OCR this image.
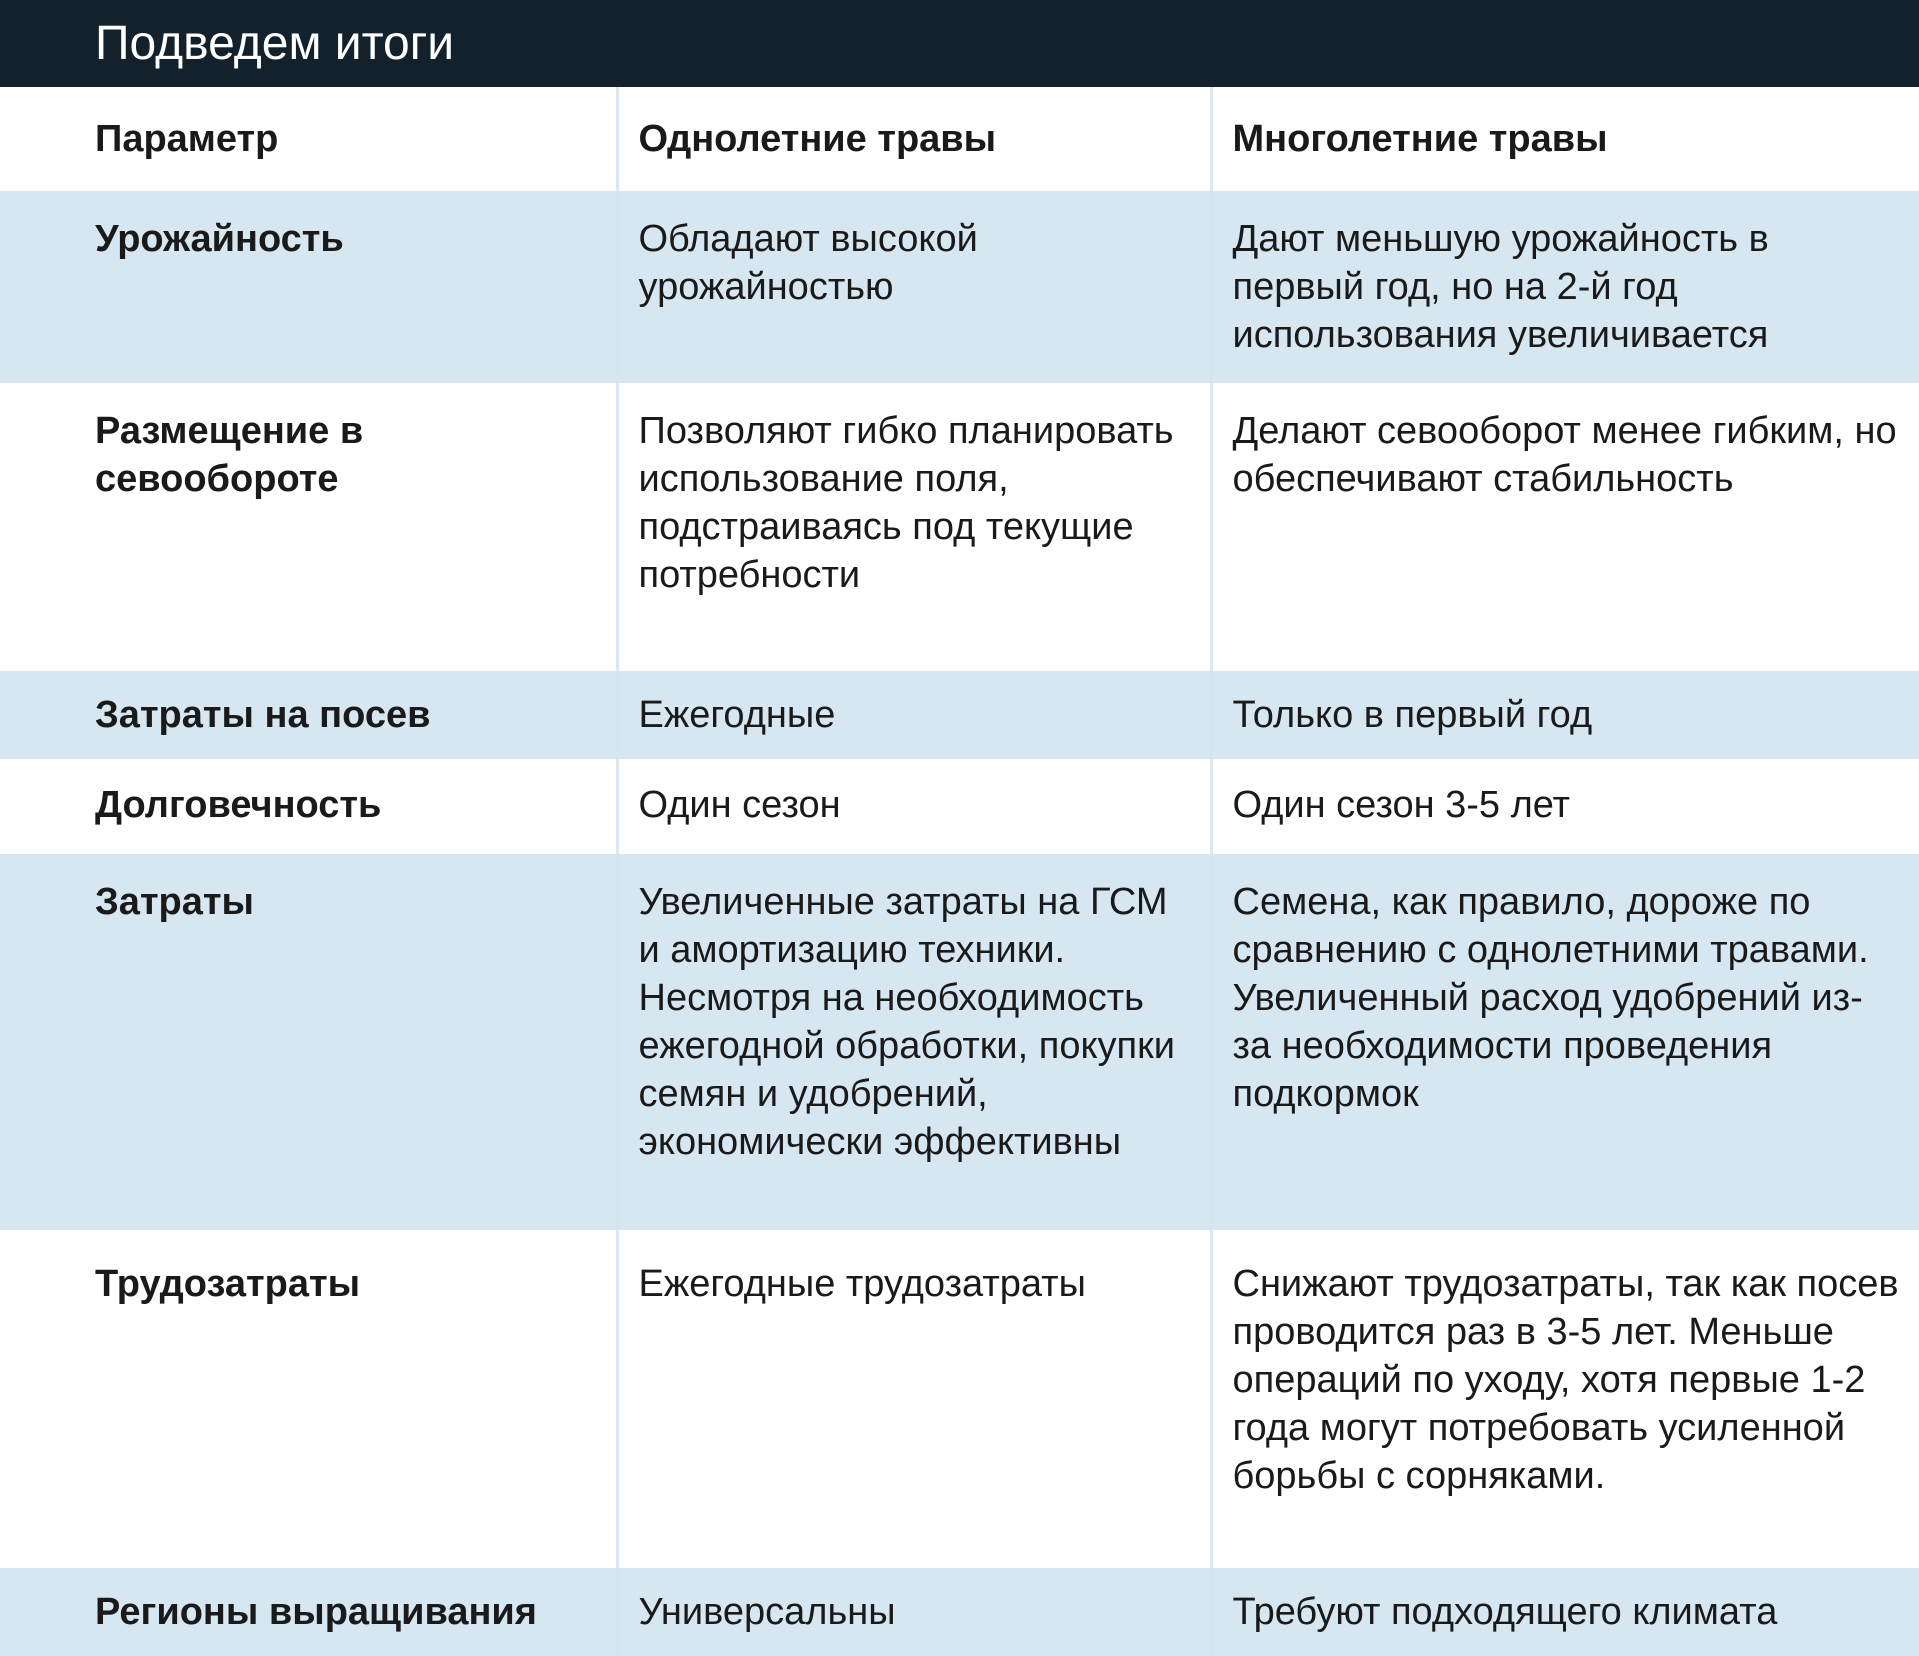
Подведем итоги
Параметр	Однолетние травы	Многолетние травы
Урожайность	Обладают высокой урожайностью	Дают меньшую урожайность в первый год, но на 2-й год использования увеличивается
Размещение в севообороте	Позволяют гибко планировать использование поля, подстраиваясь под текущие потребности	Делают севооборот менее гибким, но обеспечивают стабильность
Затраты на посев	Ежегодные	Только в первый год
Долговечность	Один сезон	Один сезон 3-5 лет
Затраты	Увеличенные затраты на ГСМ и амортизацию техники. Несмотря на необходимость ежегодной обработки, покупки семян и удобрений, экономически эффективны	Семена, как правило, дороже по сравнению с однолетними травами. Увеличенный расход удобрений из-за необходимости проведения подкормок
Трудозатраты	Ежегодные трудозатраты	Снижают трудозатраты, так как посев проводится раз в 3-5 лет. Меньше операций по уходу, хотя первые 1-2 года могут потребовать усиленной борьбы с сорняками.
Регионы выращивания	Универсальны	Требуют подходящего климата
